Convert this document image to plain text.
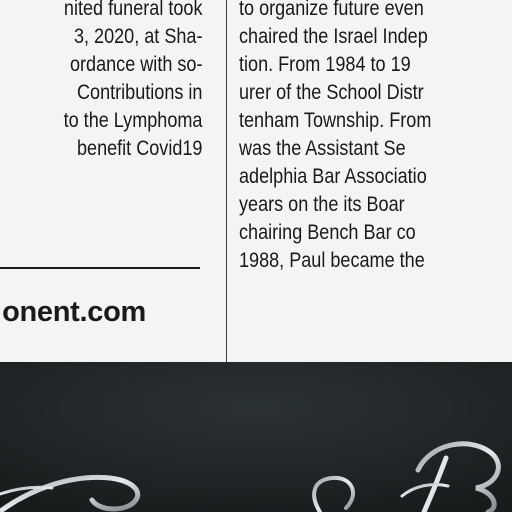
nited funeral took
3, 2020, at Sha-
ordance with so-
Contributions in
to the Lymphoma
benefit Covid19

onent.com

to organize future even
chaired the Israel Indep
tion. From 1984 to 19
urer of the School Distr
tenham Township. From
was the Assistant Se
adelphia Bar Associatio
years on the its Boar
chairing Bench Bar co
1988, Paul became the
